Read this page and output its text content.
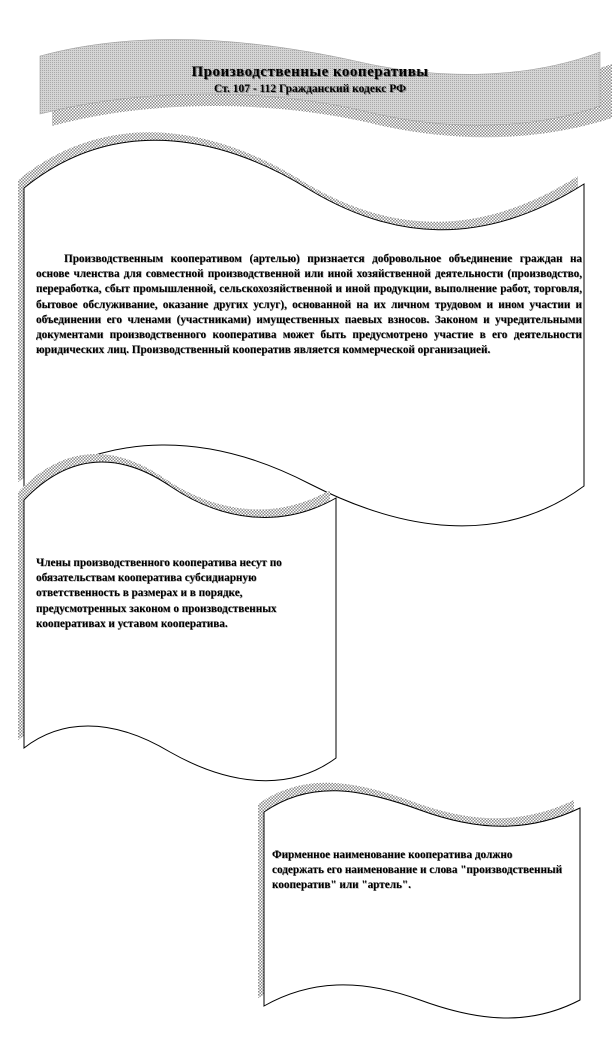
Производственные кооперативы

Ст. 107 - 112 Гражданский кодекс РФ

Производственным кооперативом (артелью) признается добровольное объединение граждан на основе членства для совместной производственной или иной хозяйственной деятельности (производство, переработка, сбыт промышленной, сельскохозяйственной и иной продукции, выполнение работ, торговля, бытовое обслуживание, оказание других услуг), основанной на их личном трудовом и ином участии и объединении его членами (участниками) имущественных паевых взносов. Законом и учредительными документами производственного кооператива может быть предусмотрено участие в его деятельности юридических лиц. Производственный кооператив является коммерческой организацией.
Члены производственного кооператива несут по обязательствам кооператива субсидиарную ответственность в размерах и в порядке, предусмотренных законом о производственных кооперативах и уставом кооператива.
Фирменное наименование кооператива должно содержать его наименование и слова "производственный кооператив" или "артель".
